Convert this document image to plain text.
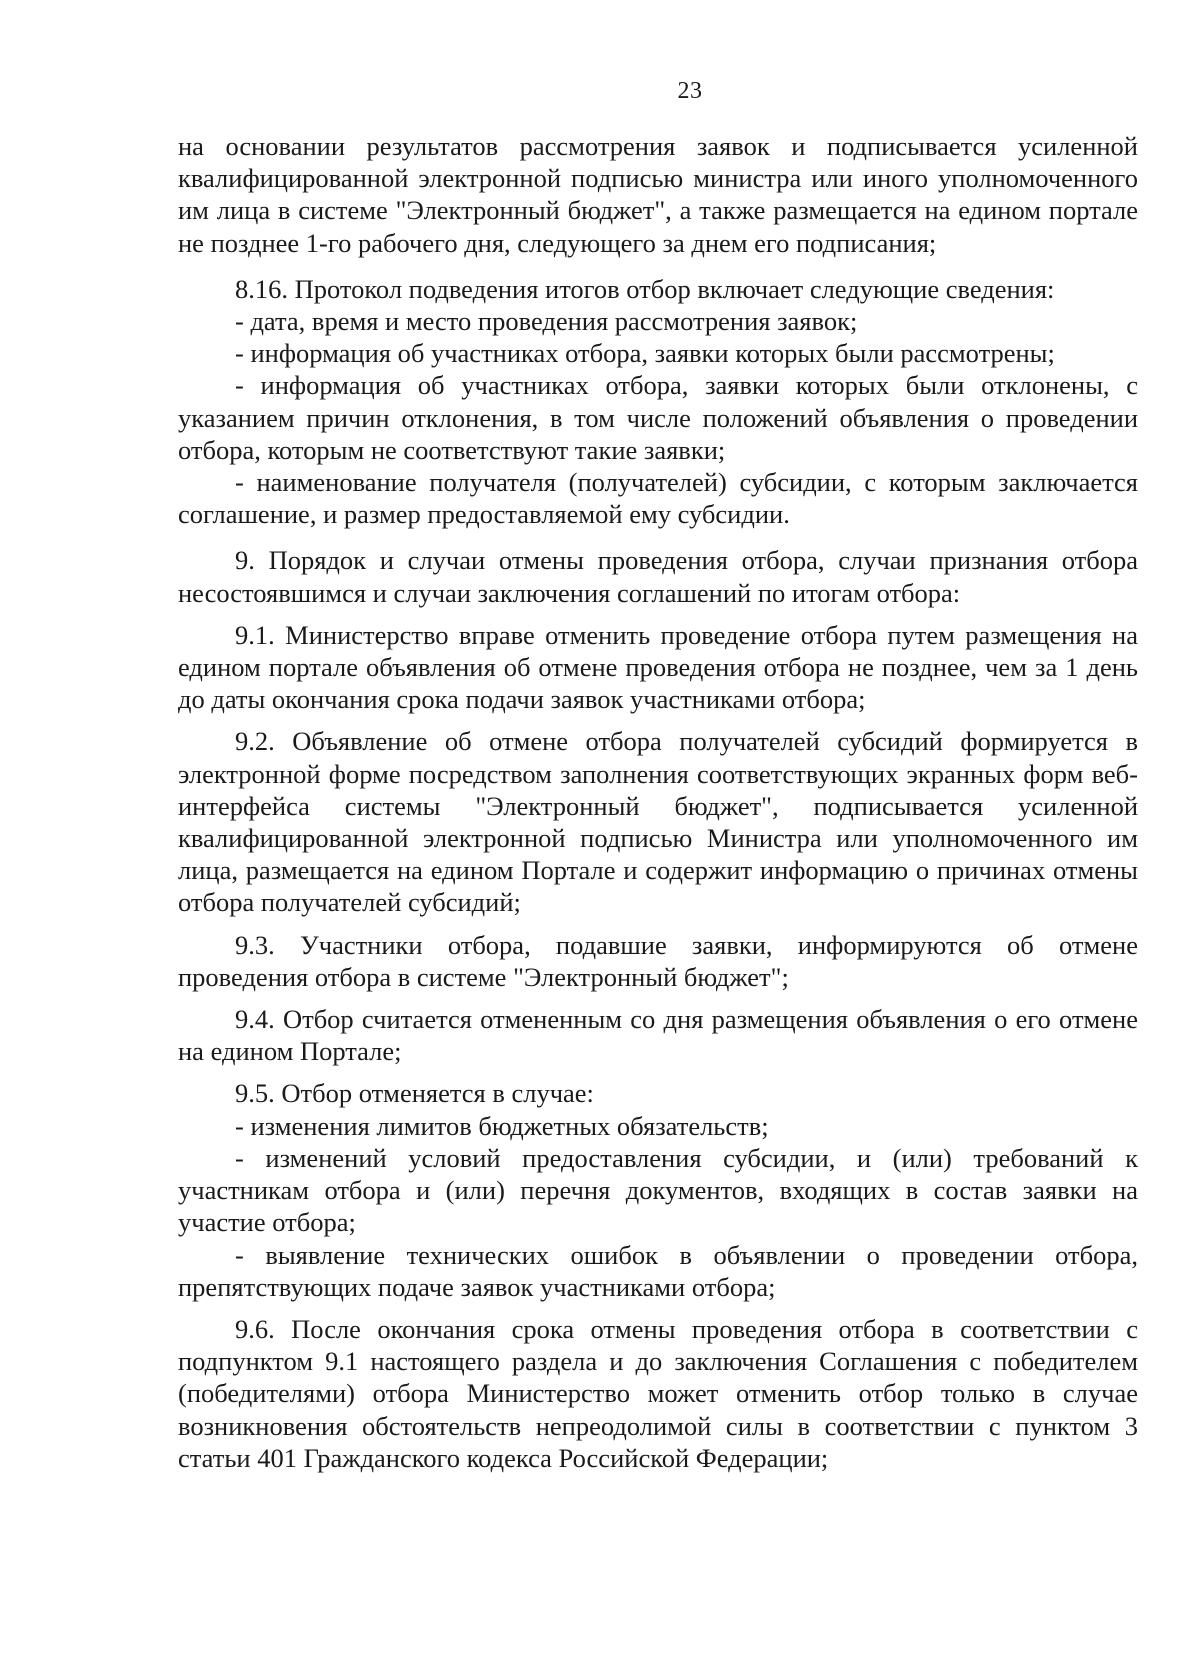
23

на основании результатов рассмотрения заявок и подписывается усиленной квалифицированной электронной подписью министра или иного уполномоченного им лица в системе "Электронный бюджет", а также размещается на едином портале не позднее 1-го рабочего дня, следующего за днем его подписания;

8.16. Протокол подведения итогов отбор включает следующие сведения:

- дата, время и место проведения рассмотрения заявок;

- информация об участниках отбора, заявки которых были рассмотрены;

- информация об участниках отбора, заявки которых были отклонены, с указанием причин отклонения, в том числе положений объявления о проведении отбора, которым не соответствуют такие заявки;

- наименование получателя (получателей) субсидии, с которым заключается соглашение, и размер предоставляемой ему субсидии.

9. Порядок и случаи отмены проведения отбора, случаи признания отбора несостоявшимся и случаи заключения соглашений по итогам отбора:

9.1. Министерство вправе отменить проведение отбора путем размещения на едином портале объявления об отмене проведения отбора не позднее, чем за 1 день до даты окончания срока подачи заявок участниками отбора;

9.2. Объявление об отмене отбора получателей субсидий формируется в электронной форме посредством заполнения соответствующих экранных форм веб-интерфейса системы "Электронный бюджет", подписывается усиленной квалифицированной электронной подписью Министра или уполномоченного им лица, размещается на едином Портале и содержит информацию о причинах отмены отбора получателей субсидий;

9.3. Участники отбора, подавшие заявки, информируются об отмене проведения отбора в системе "Электронный бюджет";

9.4. Отбор считается отмененным со дня размещения объявления о его отмене на едином Портале;

9.5. Отбор отменяется в случае:

- изменения лимитов бюджетных обязательств;

- изменений условий предоставления субсидии, и (или) требований к участникам отбора и (или) перечня документов, входящих в состав заявки на участие отбора;

- выявление технических ошибок в объявлении о проведении отбора, препятствующих подаче заявок участниками отбора;

9.6. После окончания срока отмены проведения отбора в соответствии с подпунктом 9.1 настоящего раздела и до заключения Соглашения с победителем (победителями) отбора Министерство может отменить отбор только в случае возникновения обстоятельств непреодолимой силы в соответствии с пунктом 3 статьи 401 Гражданского кодекса Российской Федерации;
